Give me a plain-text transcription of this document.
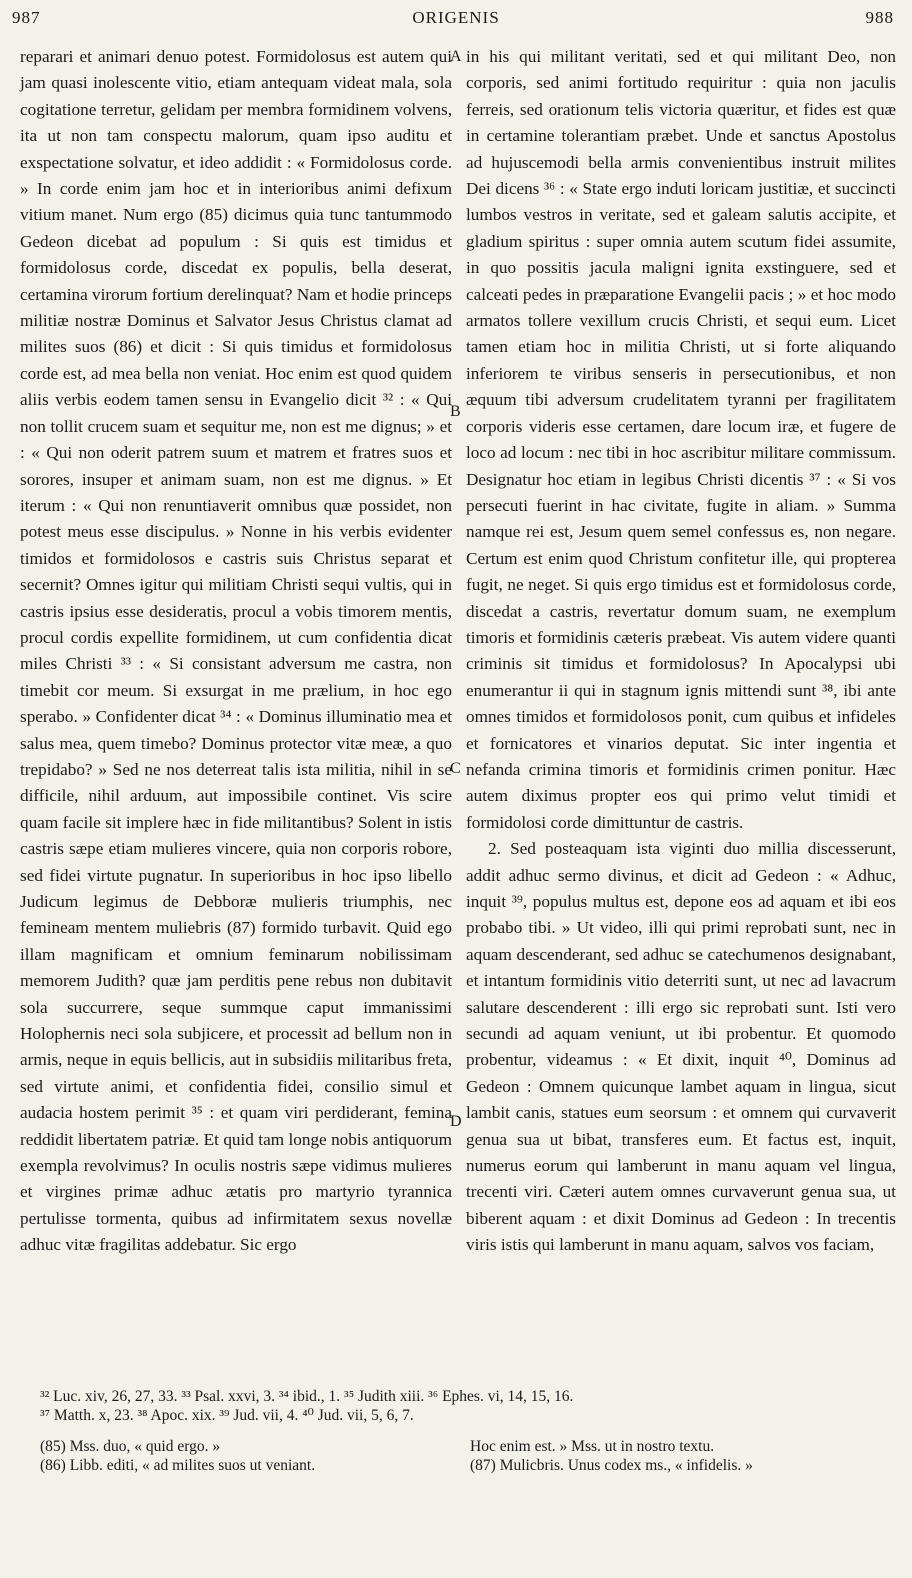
987	ORIGENIS	988

reparari et animari denuo potest. Formidolosus est autem qui jam quasi inolescente vitio, etiam antequam videat mala, sola cogitatione terretur, gelidam per membra formidinem volvens, ita ut non tam conspectu malorum, quam ipso auditu et exspectatione solvatur, et ideo addidit : « Formidolosus corde. » In corde enim jam hoc et in interioribus animi defixum vitium manet. Num ergo (85) dicimus quia tunc tantummodo Gedeon dicebat ad populum : Si quis est timidus et formidolosus corde, discedat ex populis, bella deserat, certamina virorum fortium derelinquat? Nam et hodie princeps militiæ nostræ Dominus et Salvator Jesus Christus clamat ad milites suos (86) et dicit : Si quis timidus et formidolosus corde est, ad mea bella non veniat. Hoc enim est quod quidem aliis verbis eodem tamen sensu in Evangelio dicit ³² : « Qui non tollit crucem suam et sequitur me, non est me dignus; » et : « Qui non oderit patrem suum et matrem et fratres suos et sorores, insuper et animam suam, non est me dignus. » Et iterum : « Qui non renuntiaverit omnibus quæ possidet, non potest meus esse discipulus. » Nonne in his verbis evidenter timidos et formidolosos e castris suis Christus separat et secernit? Omnes igitur qui militiam Christi sequi vultis, qui in castris ipsius esse desideratis, procul a vobis timorem mentis, procul cordis expellite formidinem, ut cum confidentia dicat miles Christi ³³ : « Si consistant adversum me castra, non timebit cor meum. Si exsurgat in me prælium, in hoc ego sperabo. » Confidenter dicat ³⁴ : « Dominus illuminatio mea et salus mea, quem timebo? Dominus protector vitæ meæ, a quo trepidabo? » Sed ne nos deterreat talis ista militia, nihil in se difficile, nihil arduum, aut impossibile continet. Vis scire quam facile sit implere hæc in fide militantibus? Solent in istis castris sæpe etiam mulieres vincere, quia non corporis robore, sed fidei virtute pugnatur. In superioribus in hoc ipso libello Judicum legimus de Debboræ mulieris triumphis, nec femineam mentem muliebris (87) formido turbavit. Quid ego illam magnificam et omnium feminarum nobilissimam memorem Judith? quæ jam perditis pene rebus non dubitavit sola succurrere, seque summque caput immanissimi Holophernis neci sola subjicere, et processit ad bellum non in armis, neque in equis bellicis, aut in subsidiis militaribus freta, sed virtute animi, et confidentia fidei, consilio simul et audacia hostem perimit ³⁵ : et quam viri perdiderant, femina reddidit libertatem patriæ. Et quid tam longe nobis antiquorum exempla revolvimus? In oculis nostris sæpe vidimus mulieres et virgines primæ adhuc ætatis pro martyrio tyrannica pertulisse tormenta, quibus ad infirmitatem sexus novellæ adhuc vitæ fragilitas addebatur. Sic ergo

in his qui militant veritati, sed et qui militant Deo, non corporis, sed animi fortitudo requiritur : quia non jaculis ferreis, sed orationum telis victoria quæritur, et fides est quæ in certamine tolerantiam præbet. Unde et sanctus Apostolus ad hujuscemodi bella armis convenientibus instruit milites Dei dicens ³⁶ : « State ergo induti loricam justitiæ, et succincti lumbos vestros in veritate, sed et galeam salutis accipite, et gladium spiritus : super omnia autem scutum fidei assumite, in quo possitis jacula maligni ignita exstinguere, sed et calceati pedes in præparatione Evangelii pacis ; » et hoc modo armatos tollere vexillum crucis Christi, et sequi eum. Licet tamen etiam hoc in militia Christi, ut si forte aliquando inferiorem te viribus senseris in persecutionibus, et non æquum tibi adversum crudelitatem tyranni per fragilitatem corporis videris esse certamen, dare locum iræ, et fugere de loco ad locum : nec tibi in hoc ascribitur militare commissum. Designatur hoc etiam in legibus Christi dicentis ³⁷ : « Si vos persecuti fuerint in hac civitate, fugite in aliam. » Summa namque rei est, Jesum quem semel confessus es, non negare. Certum est enim quod Christum confitetur ille, qui propterea fugit, ne neget. Si quis ergo timidus est et formidolosus corde, discedat a castris, revertatur domum suam, ne exemplum timoris et formidinis cæteris præbeat. Vis autem videre quanti criminis sit timidus et formidolosus? In Apocalypsi ubi enumerantur ii qui in stagnum ignis mittendi sunt ³⁸, ibi ante omnes timidos et formidolosos ponit, cum quibus et infideles et fornicatores et vinarios deputat. Sic inter ingentia et nefanda crimina timoris et formidinis crimen ponitur. Hæc autem diximus propter eos qui primo velut timidi et formidolosi corde dimittuntur de castris.

2. Sed posteaquam ista viginti duo millia discesserunt, addit adhuc sermo divinus, et dicit ad Gedeon : « Adhuc, inquit ³⁹, populus multus est, depone eos ad aquam et ibi eos probabo tibi. » Ut video, illi qui primi reprobati sunt, nec in aquam descenderant, sed adhuc se catechumenos designabant, et intantum formidinis vitio deterriti sunt, ut nec ad lavacrum salutare descenderent : illi ergo sic reprobati sunt. Isti vero secundi ad aquam veniunt, ut ibi probentur. Et quomodo probentur, videamus : « Et dixit, inquit ⁴⁰, Dominus ad Gedeon : Omnem quicunque lambet aquam in lingua, sicut lambit canis, statues eum seorsum : et omnem qui curvaverit genua sua ut bibat, transferes eum. Et factus est, inquit, numerus eorum qui lamberunt in manu aquam vel lingua, trecenti viri. Cæteri autem omnes curvaverunt genua sua, ut biberent aquam : et dixit Dominus ad Gedeon : In trecentis viris istis qui lamberunt in manu aquam, salvos vos faciam,

A
B
C
D
³² Luc. xiv, 26, 27, 33. ³³ Psal. xxvi, 3. ³⁴ ibid., 1. ³⁵ Judith xiii. ³⁶ Ephes. vi, 14, 15, 16.
³⁷ Matth. x, 23. ³⁸ Apoc. xix. ³⁹ Jud. vii, 4. ⁴⁰ Jud. vii, 5, 6, 7.
(85) Mss. duo, « quid ergo. »
(86) Libb. editi, « ad milites suos ut veniant.
Hoc enim est. » Mss. ut in nostro textu.
(87) Mulicbris. Unus codex ms., « infidelis. »
